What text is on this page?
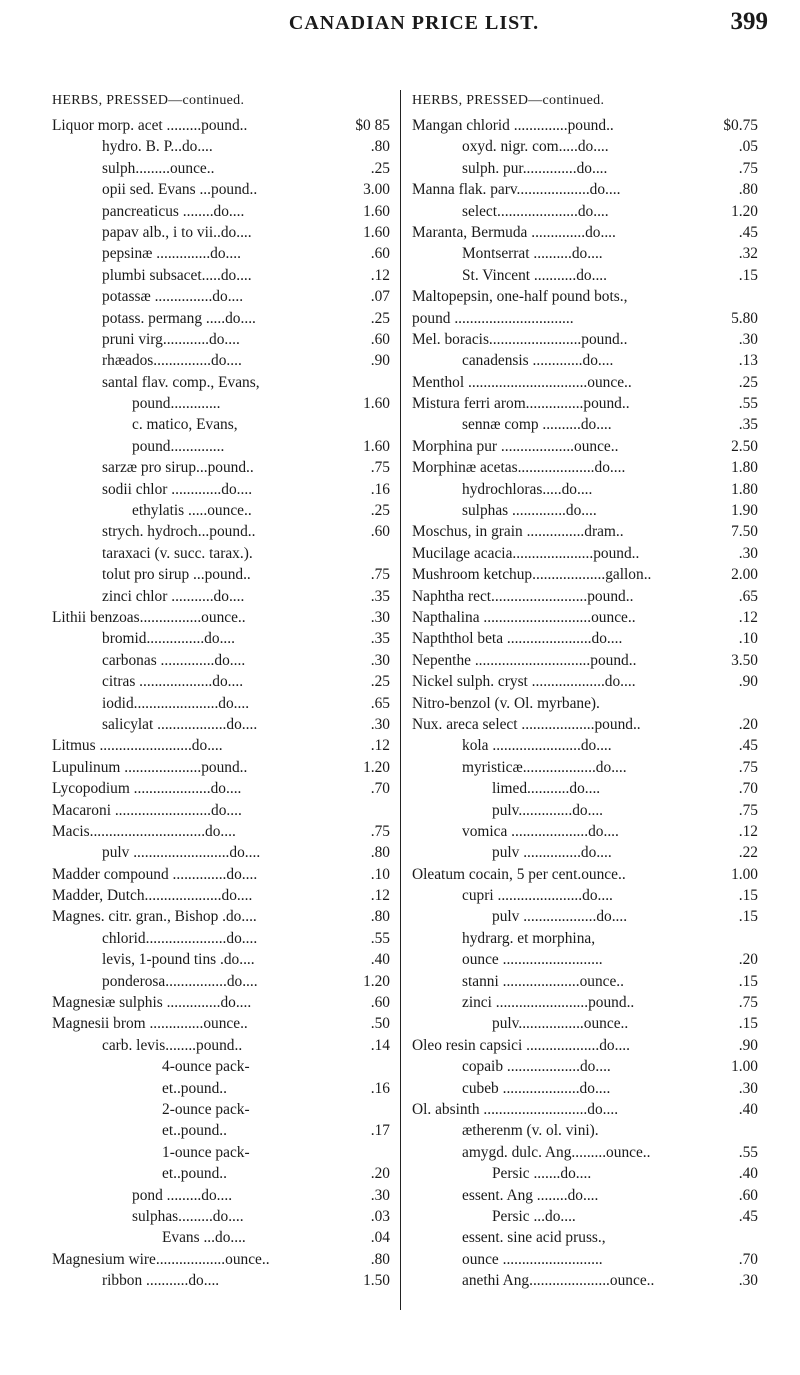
CANADIAN PRICE LIST.	399
HERBS, PRESSED—continued.
Liquor morp. acet .........pound..	$0 85
hydro. B. P...do....	.80
sulph.........ounce..	.25
opii sed. Evans ...pound..	3.00
pancreaticus ........do....	1.60
papav alb., i to vii..do....	1.60
pepsinæ ..............do....	.60
plumbi subsacet.....do....	.12
potassæ ...............do....	.07
potass. permang .....do....	.25
pruni virg............do....	.60
rhæados...............do....	.90
santal flav. comp., Evans,
pound.............	1.60
c. matico, Evans,
pound..............	1.60
sarzæ pro sirup...pound..	.75
sodii chlor .............do....	.16
ethylatis .....ounce..	.25
strych. hydroch...pound..	.60
taraxaci (v. succ. tarax.).
tolut pro sirup ...pound..	.75
zinci chlor ...........do....	.35
Lithii benzoas................ounce..	.30
bromid...............do....	.35
carbonas ..............do....	.30
citras ...................do....	.25
iodid......................do....	.65
salicylat ..................do....	.30
Litmus ........................do....	.12
Lupulinum ....................pound..	1.20
Lycopodium ....................do....	.70
Macaroni .........................do....
Macis..............................do....	.75
pulv .........................do....	.80
Madder compound ..............do....	.10
Madder, Dutch....................do....	.12
Magnes. citr. gran., Bishop .do....	.80
chlorid.....................do....	.55
levis, 1-pound tins .do....	.40
ponderosa................do....	1.20
Magnesiæ sulphis ..............do....	.60
Magnesii brom ..............ounce..	.50
carb. levis........pound..	.14
4-ounce pack-
et..pound..	.16
2-ounce pack-
et..pound..	.17
1-ounce pack-
et..pound..	.20
pond .........do....	.30
sulphas.........do....	.03
Evans ...do....	.04
Magnesium wire..................ounce..	.80
ribbon ...........do....	1.50
HERBS, PRESSED—continued.
Mangan chlorid ..............pound..	$0.75
oxyd. nigr. com.....do....	.05
sulph. pur..............do....	.75
Manna flak. parv...................do....	.80
select.....................do....	1.20
Maranta, Bermuda ..............do....	.45
Montserrat ..........do....	.32
St. Vincent ...........do....	.15
Maltopepsin, one-half pound bots.,
pound ...............................	5.80
Mel. boracis........................pound..	.30
canadensis .............do....	.13
Menthol ...............................ounce..	.25
Mistura ferri arom...............pound..	.55
sennæ comp ..........do....	.35
Morphina pur ...................ounce..	2.50
Morphinæ acetas....................do....	1.80
hydrochloras.....do....	1.80
sulphas ..............do....	1.90
Moschus, in grain ...............dram..	7.50
Mucilage acacia.....................pound..	.30
Mushroom ketchup...................gallon..	2.00
Naphtha rect.........................pound..	.65
Napthalina ............................ounce..	.12
Napththol beta ......................do....	.10
Nepenthe ..............................pound..	3.50
Nickel sulph. cryst ...................do....	.90
Nitro-benzol (v. Ol. myrbane).
Nux. areca select ...................pound..	.20
kola .......................do....	.45
myristicæ...................do....	.75
limed...........do....	.70
pulv..............do....	.75
vomica ....................do....	.12
pulv ...............do....	.22
Oleatum cocain, 5 per cent.ounce..	1.00
cupri ......................do....	.15
pulv ...................do....	.15
hydrarg. et morphina,
ounce ..........................	.20
stanni ....................ounce..	.15
zinci ........................pound..	.75
pulv.................ounce..	.15
Oleo resin capsici ...................do....	.90
copaib ...................do....	1.00
cubeb ....................do....	.30
Ol. absinth ...........................do....	.40
ætherenm (v. ol. vini).
amygd. dulc. Ang.........ounce..	.55
Persic .......do....	.40
essent. Ang ........do....	.60
Persic ...do....	.45
essent. sine acid pruss.,
ounce ..........................	.70
anethi Ang.....................ounce..	.30
